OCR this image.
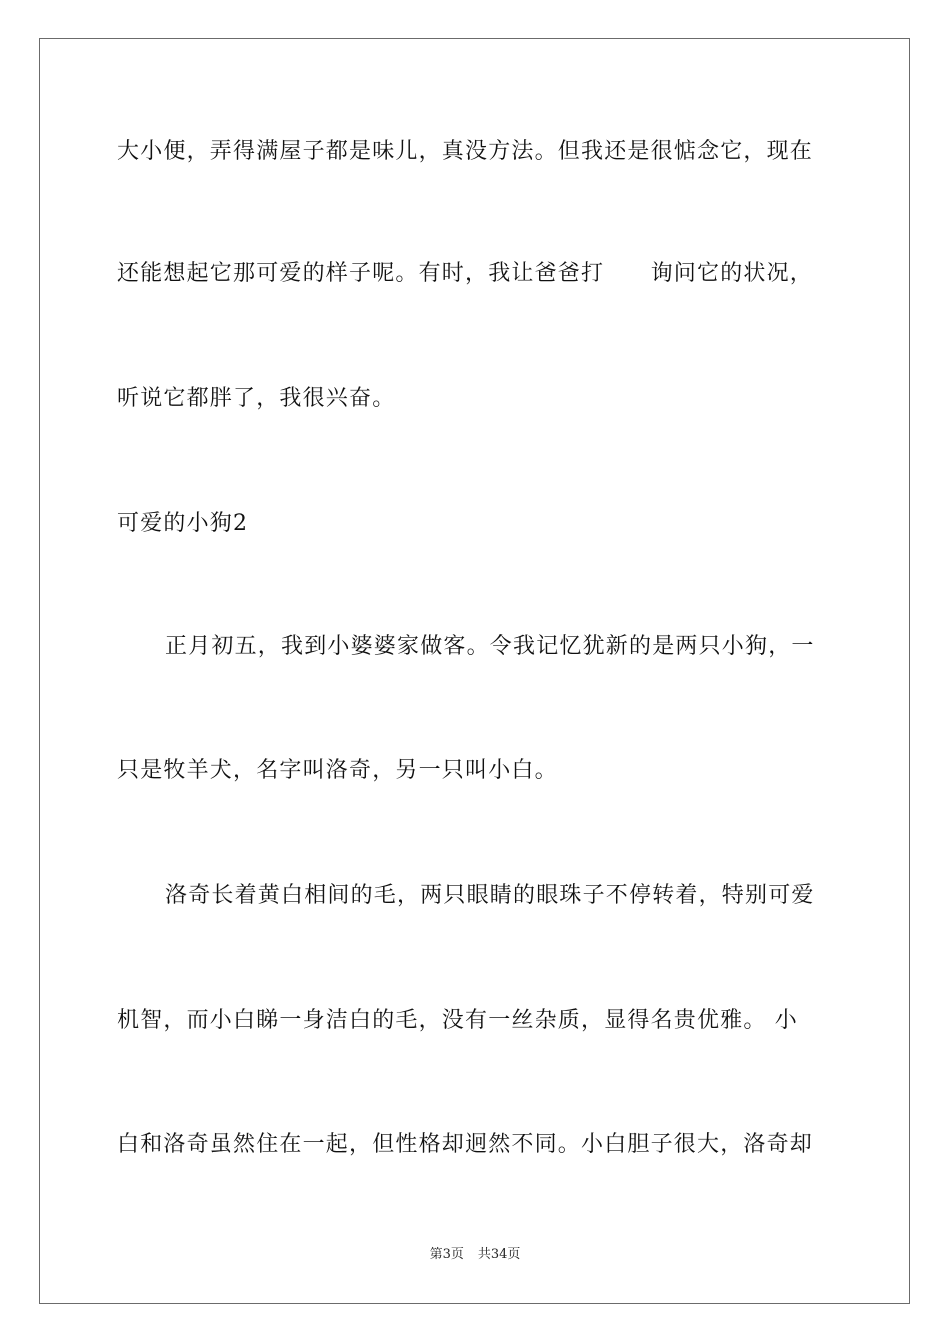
大小便，弄得满屋子都是味儿，真没方法。但我还是很惦念它，现在
还能想起它那可爱的样子呢。有时，我让爸爸打　　询问它的状况，
听说它都胖了，我很兴奋。
可爱的小狗2
正月初五，我到小婆婆家做客。令我记忆犹新的是两只小狗，一
只是牧羊犬，名字叫洛奇，另一只叫小白。
洛奇长着黄白相间的毛，两只眼睛的眼珠子不停转着，特别可爱
机智，而小白睇一身洁白的毛，没有一丝杂质，显得名贵优雅。 小
白和洛奇虽然住在一起，但性格却迥然不同。小白胆子很大，洛奇却
第3页 共34页
